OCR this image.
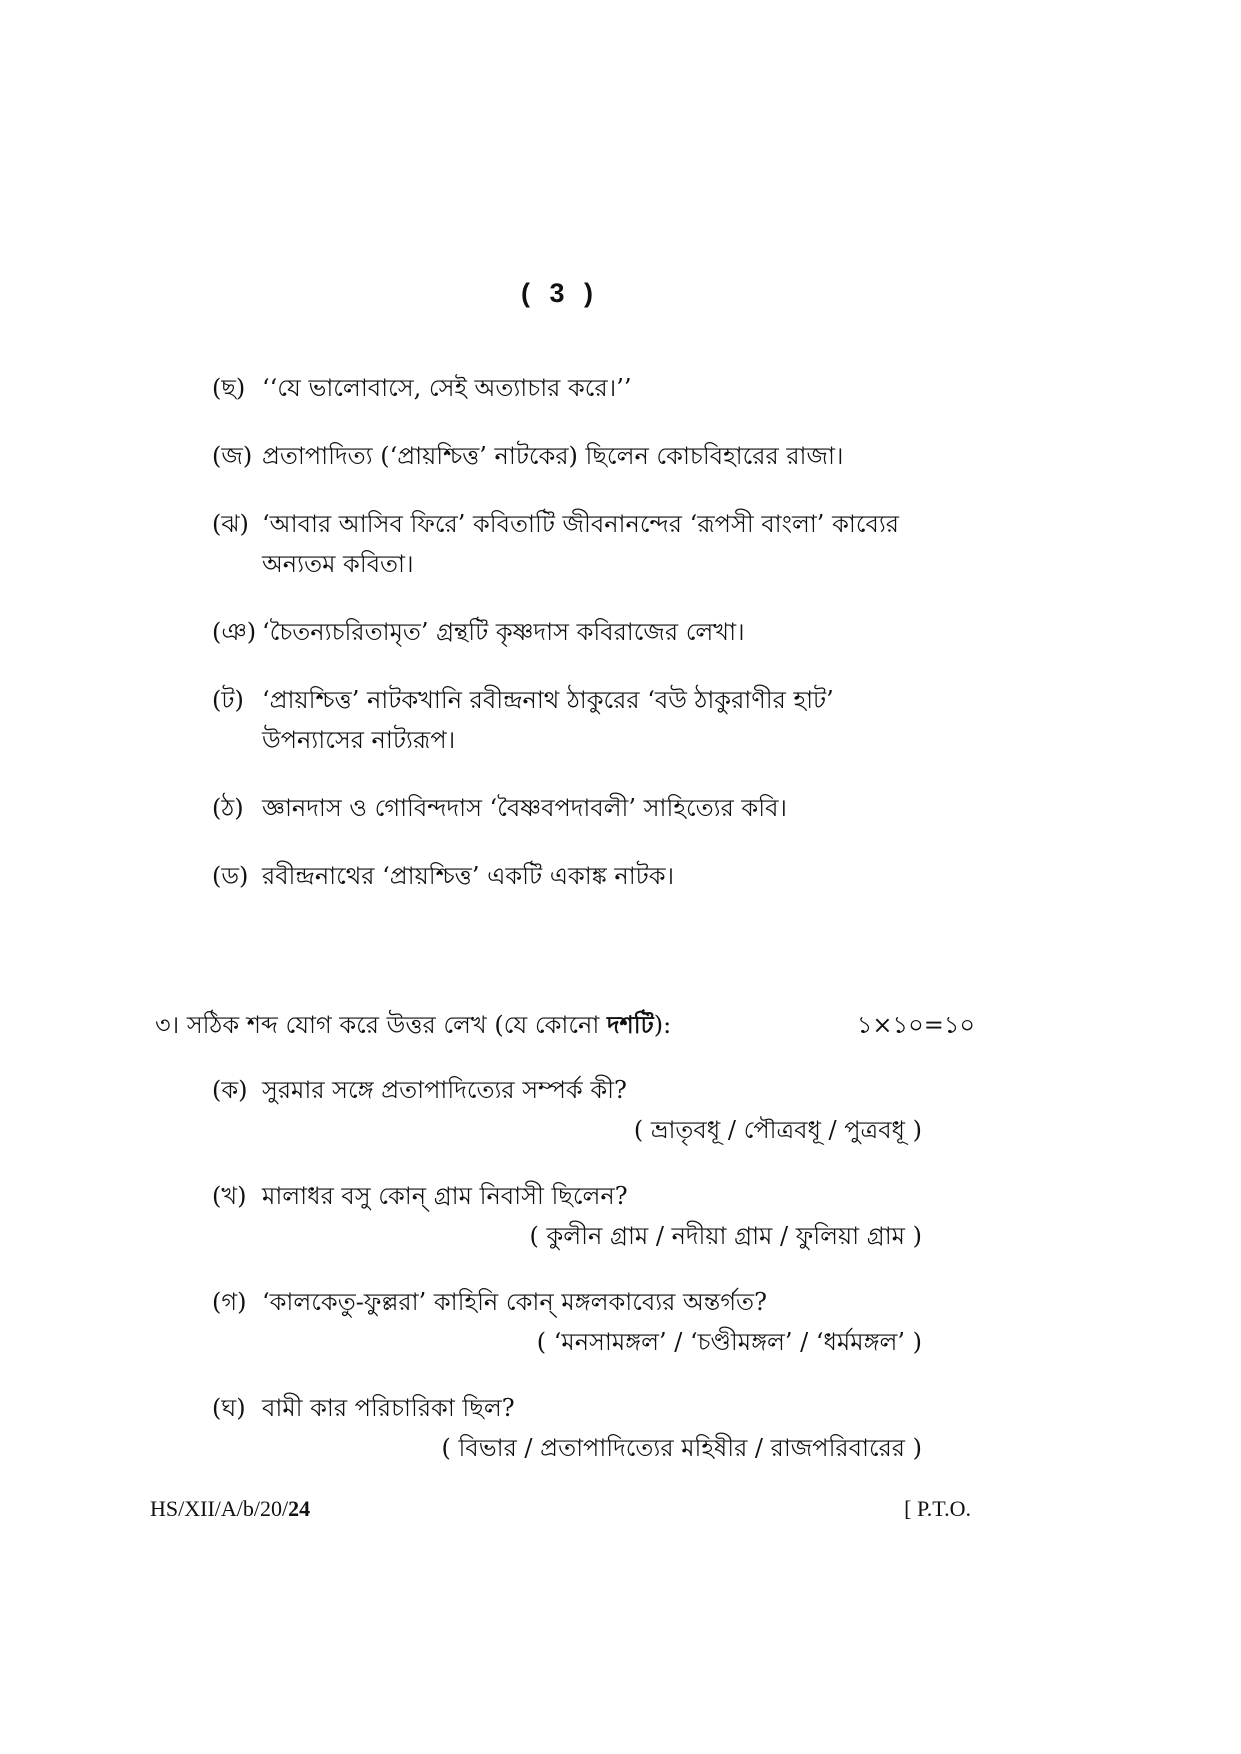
( 3 )
(ছ) ‘‘যে ভালোবাসে, সেই অত্যাচার করে।’’
(জ) প্রতাপাদিত্য (‘প্রায়শ্চিত্ত’ নাটকের) ছিলেন কোচবিহারের রাজা।
(ঝ) ‘আবার আসিব ফিরে’ কবিতাটি জীবনানন্দের ‘রূপসী বাংলা’ কাব্যের
অন্যতম কবিতা।
(ঞ) ‘চৈতন্যচরিতামৃত’ গ্রন্থটি কৃষ্ণদাস কবিরাজের লেখা।
(ট) ‘প্রায়শ্চিত্ত’ নাটকখানি রবীন্দ্রনাথ ঠাকুরের ‘বউ ঠাকুরাণীর হাট’
উপন্যাসের নাট্যরূপ।
(ঠ) জ্ঞানদাস ও গোবিন্দদাস ‘বৈষ্ণবপদাবলী’ সাহিত্যের কবি।
(ড) রবীন্দ্রনাথের ‘প্রায়শ্চিত্ত’ একটি একাঙ্ক নাটক।
৩। সঠিক শব্দ যোগ করে উত্তর লেখ (যে কোনো দশটি):	১×১০=১০
(ক) সুরমার সঙ্গে প্রতাপাদিত্যের সম্পর্ক কী?
( ভ্রাতৃবধূ / পৌত্রবধূ / পুত্রবধূ )
(খ) মালাধর বসু কোন্ গ্রাম নিবাসী ছিলেন?
( কুলীন গ্রাম / নদীয়া গ্রাম / ফুলিয়া গ্রাম )
(গ) ‘কালকেতু-ফুল্লরা’ কাহিনি কোন্ মঙ্গলকাব্যের অন্তর্গত?
( ‘মনসামঙ্গল’ / ‘চণ্ডীমঙ্গল’ / ‘ধর্মমঙ্গল’ )
(ঘ) বামী কার পরিচারিকা ছিল?
( বিভার / প্রতাপাদিত্যের মহিষীর / রাজপরিবারের )
HS/XII/A/b/20/24	[ P.T.O.
